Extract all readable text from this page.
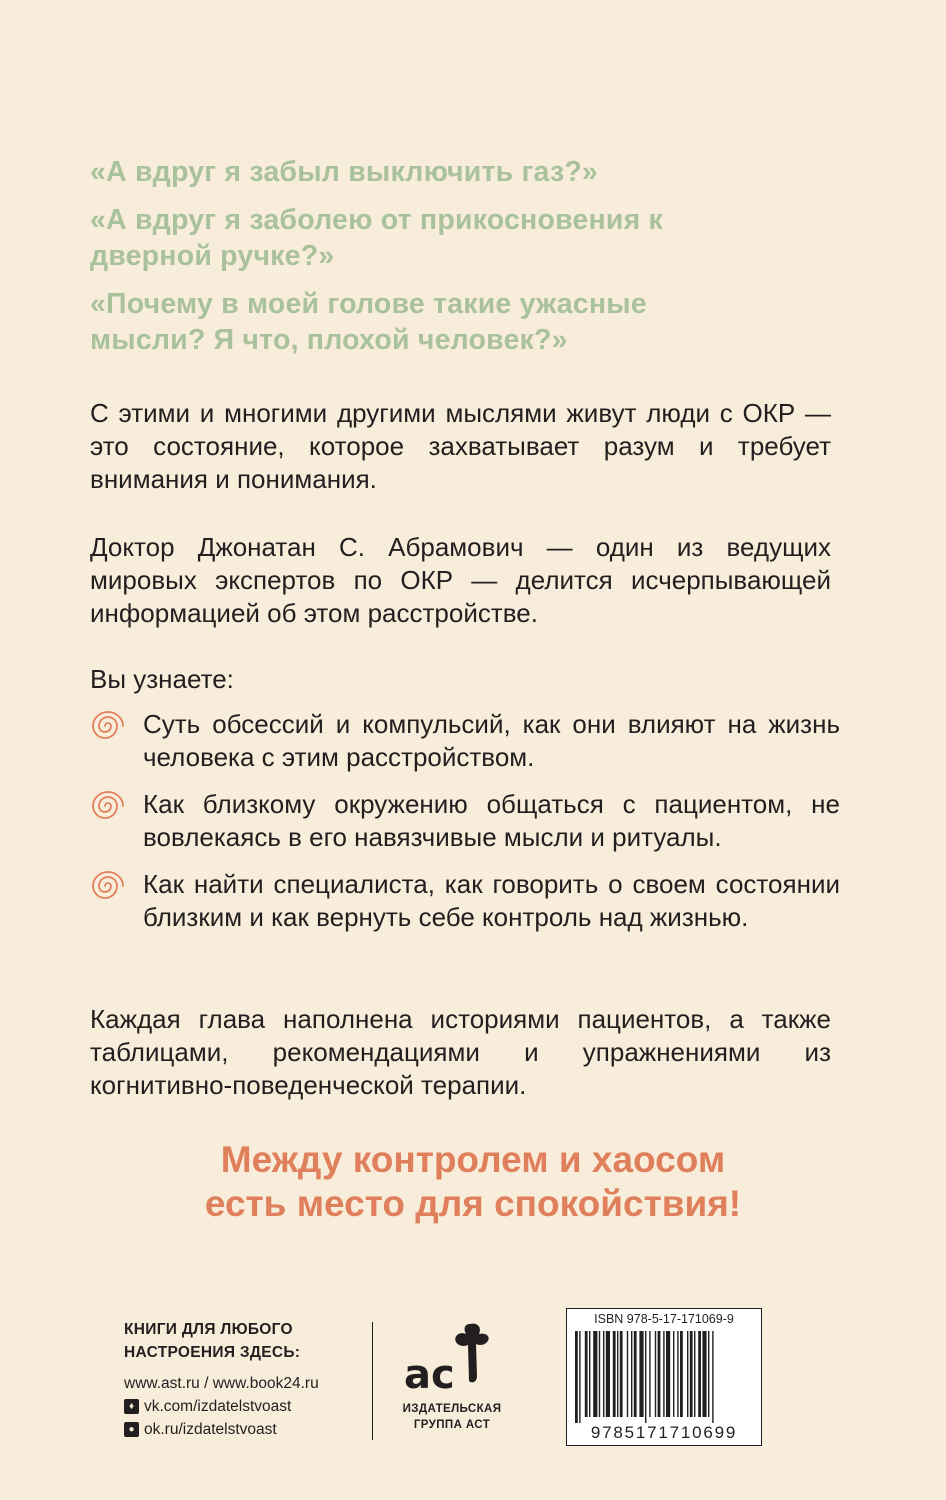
«А вдруг я забыл выключить газ?»

«А вдруг я заболею от прикосновения к дверной ручке?»

«Почему в моей голове такие ужасные мысли? Я что, плохой человек?»

С этими и многими другими мыслями живут люди с ОКР — это состояние, которое захватывает разум и требует внимания и понимания.

Доктор Джонатан С. Абрамович — один из ведущих мировых экспертов по ОКР — делится исчерпывающей информацией об этом расстройстве.

Вы узнаете:

Суть обсессий и компульсий, как они влияют на жизнь человека с этим расстройством.
Как близкому окружению общаться с пациентом, не вовлекаясь в его навязчивые мысли и ритуалы.
Как найти специалиста, как говорить о своем состоянии близким и как вернуть себе контроль над жизнью.

Каждая глава наполнена историями пациентов, а также таблицами, рекомендациями и упражнениями из когнитивно-поведенческой терапии.

Между контролем и хаосом
есть место для спокойствия!
КНИГИ ДЛЯ ЛЮБОГО
НАСТРОЕНИЯ ЗДЕСЬ:
www.ast.ru / www.book24.ru
♦ vk.com/izdatelstvoast
● ok.ru/izdatelstvoast
ас
ИЗДАТЕЛЬСКАЯ
ГРУППА АСТ
ISBN 978-5-17-171069-9
9785171710699
